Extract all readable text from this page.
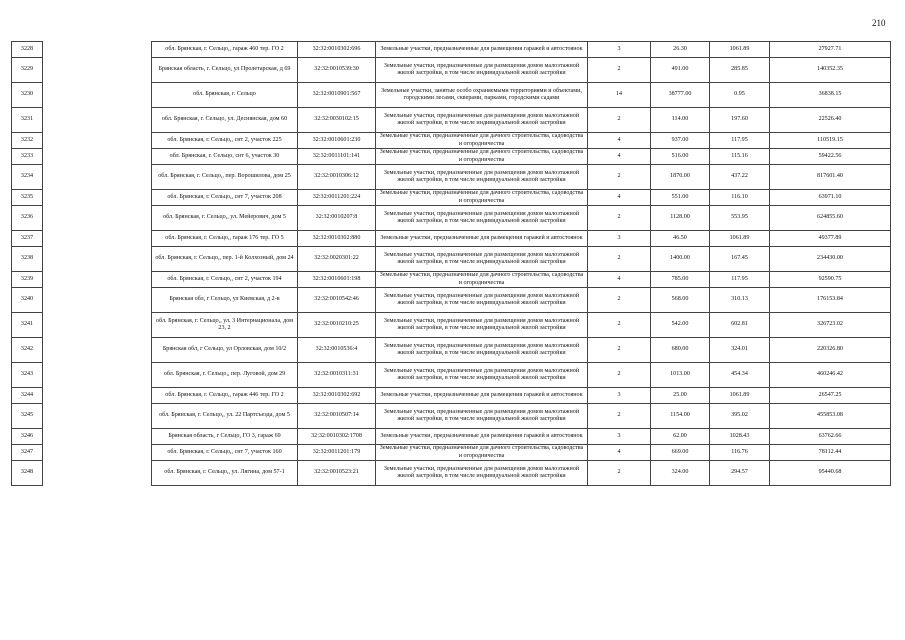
210
3228		обл. Брянская, г. Сельцо,, гараж 460 тер. ГО 2	32:32:0010302:696	Земельные участки, предназначенные для размещения гаражей и автостоянок	3	26.30	1061.89	27927.71
3229		Брянская область, г. Сельцо, ул Пролетарская, д 69	32:32:0010539:30	Земельные участки, предназначенные для размещения домов малоэтажной жилой застройки, в том числе индивидуальной жилой застройки	2	491.00	285.85	140352.35
3230		обл. Брянская, г. Сельцо	32:32:0010901:567	Земельные участки, занятые особо охраняемыми территориями и объектами, городскими лесами, скверами, парками, городскими садами	14	38777.00	0.95	36838.15
3231		обл. Брянская, г. Сельцо, ул. Деснянская, дом 60	32:32:0030102:15	Земельные участки, предназначенные для размещения домов малоэтажной жилой застройки, в том числе индивидуальной жилой застройки	2	114.00	197.60	22526.40
3232		обл. Брянская, г. Сельцо,, снт 2, участок 225	32:32:0010601:230	Земельные участки, предназначенные для дачного строительства, садоводства и огородничества	4	937.00	117.95	110519.15
3233		обл. Брянская, г. Сельцо, снт 6, участок 30	32:32:0011101:141	Земельные участки, предназначенные для дачного строительства, садоводства и огородничества	4	516.00	115.16	59422.56
3234		обл. Брянская, г. Сельцо,, пер. Ворошилова, дом 25	32:32:0010306:12	Земельные участки, предназначенные для размещения домов малоэтажной жилой застройки, в том числе индивидуальной жилой застройки	2	1870.00	437.22	817601.40
3235		обл. Брянская, г. Сельцо,, снт 7, участок 208	32:32:0011201:224	Земельные участки, предназначенные для дачного строительства, садоводства и огородничества	4	551.00	116.10	63971.10
3236		обл. Брянская, г. Сельцо,, ул. Мейерович, дом 5	32:32:0010207:8	Земельные участки, предназначенные для размещения домов малоэтажной жилой застройки, в том числе индивидуальной жилой застройки	2	1128.00	553.95	624855.60
3237		обл. Брянская, г. Сельцо,, гараж 176 тер. ГО 5	32:32:0010302:880	Земельные участки, предназначенные для размещения гаражей и автостоянок	3	46.50	1061.89	49377.89
3238		обл. Брянская, г. Сельцо,, пер. 1-й Колхозный, дом 24	32:32:0020301:22	Земельные участки, предназначенные для размещения домов малоэтажной жилой застройки, в том числе индивидуальной жилой застройки	2	1400.00	167.45	234430.00
3239		обл. Брянская, г. Сельцо,, снт 2, участок 194	32:32:0010601:198	Земельные участки, предназначенные для дачного строительства, садоводства и огородничества	4	785.00	117.95	92590.75
3240		Брянская обл, г Сельцо, ул Киевская, д 2-в	32:32:0010542:46	Земельные участки, предназначенные для размещения домов малоэтажной жилой застройки, в том числе индивидуальной жилой застройки	2	568.00	310.13	176153.84
3241		обл. Брянская, г. Сельцо,, ул. 3 Интернационала, дом 23, 2	32:32:0010210:25	Земельные участки, предназначенные для размещения домов малоэтажной жилой застройки, в том числе индивидуальной жилой застройки	2	542.00	602.81	326723.02
3242		Брянская обл, г Сельцо, ул Орловская, дом 10/2	32:32:0010536:4	Земельные участки, предназначенные для размещения домов малоэтажной жилой застройки, в том числе индивидуальной жилой застройки	2	680.00	324.01	220326.80
3243		обл. Брянская, г. Сельцо,, пер. Луговой, дом 29	32:32:0010311:31	Земельные участки, предназначенные для размещения домов малоэтажной жилой застройки, в том числе индивидуальной жилой застройки	2	1013.00	454.34	460246.42
3244		обл. Брянская, г. Сельцо,, гараж 446 тер. ГО 2	32:32:0010302:692	Земельные участки, предназначенные для размещения гаражей и автостоянок	3	25.00	1061.89	26547.25
3245		обл. Брянская, г. Сельцо,, ул. 22 Партсъезда, дом 5	32:32:0010507:14	Земельные участки, предназначенные для размещения домов малоэтажной жилой застройки, в том числе индивидуальной жилой застройки	2	1154.00	395.02	455853.08
3246		Брянская область, г Сельцо, ГО 3, гараж 69	32:32:0010302:1708	Земельные участки, предназначенные для размещения гаражей и автостоянок	3	62.00	1028.43	63762.66
3247		обл. Брянская, г. Сельцо,, снт 7, участок 160	32:32:0011201:179	Земельные участки, предназначенные для дачного строительства, садоводства и огородничества	4	669.00	116.76	78112.44
3248		обл. Брянская, г. Сельцо,, ул. Лягина, дом 57-1	32:32:0010523:21	Земельные участки, предназначенные для размещения домов малоэтажной жилой застройки, в том числе индивидуальной жилой застройки	2	324.00	294.57	95440.68
